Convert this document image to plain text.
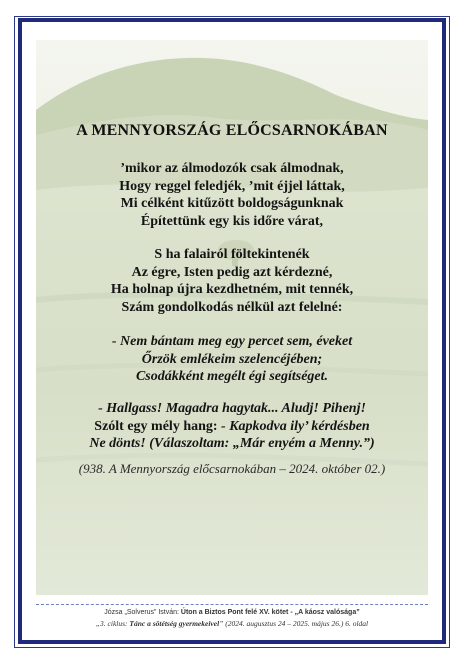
A MENNYORSZÁG ELŐCSARNOKÁBAN
’mikor az álmodozók csak álmodnak,
Hogy reggel feledjék, ’mit éjjel láttak,
Mi célként kitűzött boldogságunknak
Építettünk egy kis időre várat,
S ha falairól föltekintenék
Az égre, Isten pedig azt kérdezné,
Ha holnap újra kezdhetném, mit tennék,
Szám gondolkodás nélkül azt felelné:
- Nem bántam meg egy percet sem, éveket
Őrzök emlékeim szelencéjében;
Csodákként megélt égi segítséget.
- Hallgass! Magadra hagytak... Aludj! Pihenj!
Szólt egy mély hang: - Kapkodva ily’ kérdésben
Ne dönts! (Válaszoltam: „Már enyém a Menny.”)
(938. A Mennyország előcsarnokában – 2024. október 02.)
Józsa „Solverus” István: Úton a Biztos Pont felé XV. kötet - „A káosz valósága”
„3. ciklus: Tánc a sötétség gyermekeivel” (2024. augusztus 24 – 2025. május 26.) 6. oldal
